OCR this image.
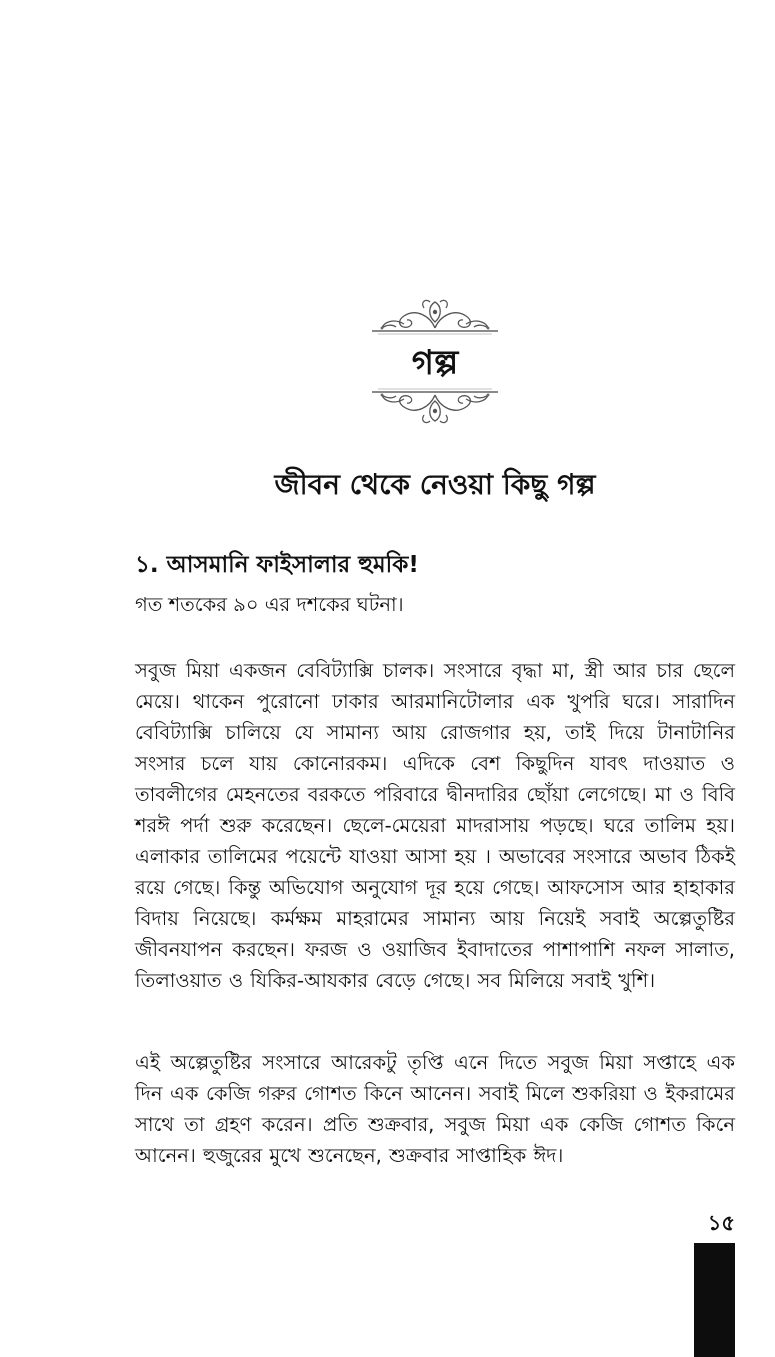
গল্প
জীবন থেকে নেওয়া কিছু গল্প
১. আসমানি ফাইসালার হুমকি!
গত শতকের ৯০ এর দশকের ঘটনা।

সবুজ মিয়া একজন বেবিট্যাক্সি চালক। সংসারে বৃদ্ধা মা, স্ত্রী আর চার ছেলে মেয়ে। থাকেন পুরোনো ঢাকার আরমানিটোলার এক খুপরি ঘরে। সারাদিন বেবিট্যাক্সি চালিয়ে যে সামান্য আয় রোজগার হয়, তাই দিয়ে টানাটানির সংসার চলে যায় কোনোরকম। এদিকে বেশ কিছুদিন যাবৎ দাওয়াত ও তাবলীগের মেহনতের বরকতে পরিবারে দ্বীনদারির ছোঁয়া লেগেছে। মা ও বিবি শরঈ পর্দা শুরু করেছেন। ছেলে-মেয়েরা মাদরাসায় পড়ছে। ঘরে তালিম হয়। এলাকার তালিমের পয়েন্টে যাওয়া আসা হয় । অভাবের সংসারে অভাব ঠিকই রয়ে গেছে। কিন্তু অভিযোগ অনুযোগ দূর হয়ে গেছে। আফসোস আর হাহাকার বিদায় নিয়েছে। কর্মক্ষম মাহরামের সামান্য আয় নিয়েই সবাই অল্পেতুষ্টির জীবনযাপন করছেন। ফরজ ও ওয়াজিব ইবাদাতের পাশাপাশি নফল সালাত, তিলাওয়াত ও যিকির-আযকার বেড়ে গেছে। সব মিলিয়ে সবাই খুশি।

এই অল্পেতুষ্টির সংসারে আরেকটু তৃপ্তি এনে দিতে সবুজ মিয়া সপ্তাহে এক দিন এক কেজি গরুর গোশত কিনে আনেন। সবাই মিলে শুকরিয়া ও ইকরামের সাথে তা গ্রহণ করেন। প্রতি শুক্রবার, সবুজ মিয়া এক কেজি গোশত কিনে আনেন। হুজুরের মুখে শুনেছেন, শুক্রবার সাপ্তাহিক ঈদ।

১৫
